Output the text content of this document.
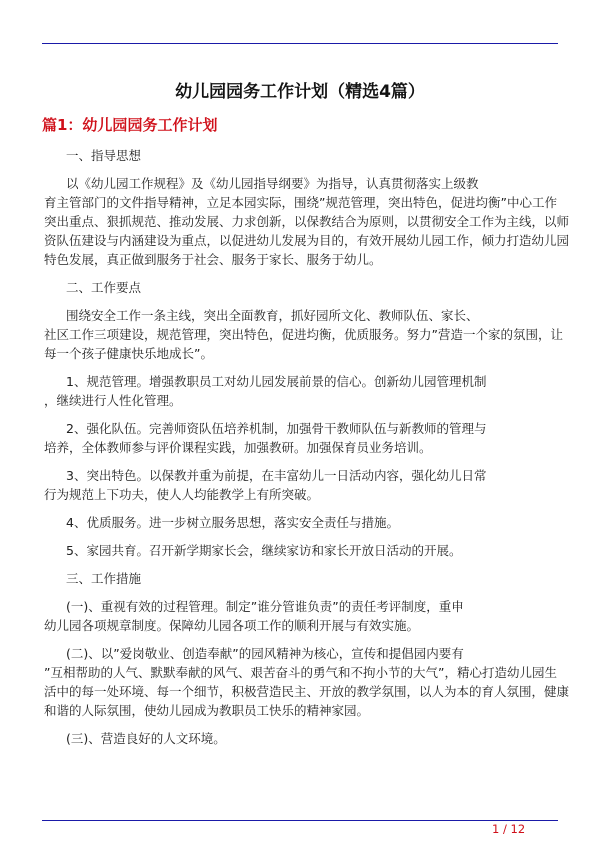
幼儿园园务工作计划（精选4篇）
篇1：幼儿园园务工作计划
一、指导思想
以《幼儿园工作规程》及《幼儿园指导纲要》为指导，认真贯彻落实上级教
育主管部门的文件指导精神，立足本园实际，围绕”规范管理，突出特色，促进均衡”中心工作
突出重点、狠抓规范、推动发展、力求创新，以保教结合为原则，以贯彻安全工作为主线，以师
资队伍建设与内涵建设为重点，以促进幼儿发展为目的，有效开展幼儿园工作，倾力打造幼儿园
特色发展，真正做到服务于社会、服务于家长、服务于幼儿。
二、工作要点
围绕安全工作一条主线，突出全面教育，抓好园所文化、教师队伍、家长、
社区工作三项建设，规范管理，突出特色，促进均衡，优质服务。努力”营造一个家的氛围，让
每一个孩子健康快乐地成长”。
1、规范管理。增强教职员工对幼儿园发展前景的信心。创新幼儿园管理机制
，继续进行人性化管理。
2、强化队伍。完善师资队伍培养机制，加强骨干教师队伍与新教师的管理与
培养，全体教师参与评价课程实践，加强教研。加强保育员业务培训。
3、突出特色。以保教并重为前提，在丰富幼儿一日活动内容，强化幼儿日常
行为规范上下功夫，使人人均能教学上有所突破。
4、优质服务。进一步树立服务思想，落实安全责任与措施。
5、家园共育。召开新学期家长会，继续家访和家长开放日活动的开展。
三、工作措施
(一)、重视有效的过程管理。制定”谁分管谁负责”的责任考评制度，重申
幼儿园各项规章制度。保障幼儿园各项工作的顺利开展与有效实施。
(二)、以”爱岗敬业、创造奉献”的园风精神为核心，宣传和提倡园内要有
”互相帮助的人气、默默奉献的风气、艰苦奋斗的勇气和不拘小节的大气”，精心打造幼儿园生
活中的每一处环境、每一个细节，积极营造民主、开放的教学氛围，以人为本的育人氛围，健康
和谐的人际氛围，使幼儿园成为教职员工快乐的精神家园。
(三)、营造良好的人文环境。
1 / 12
